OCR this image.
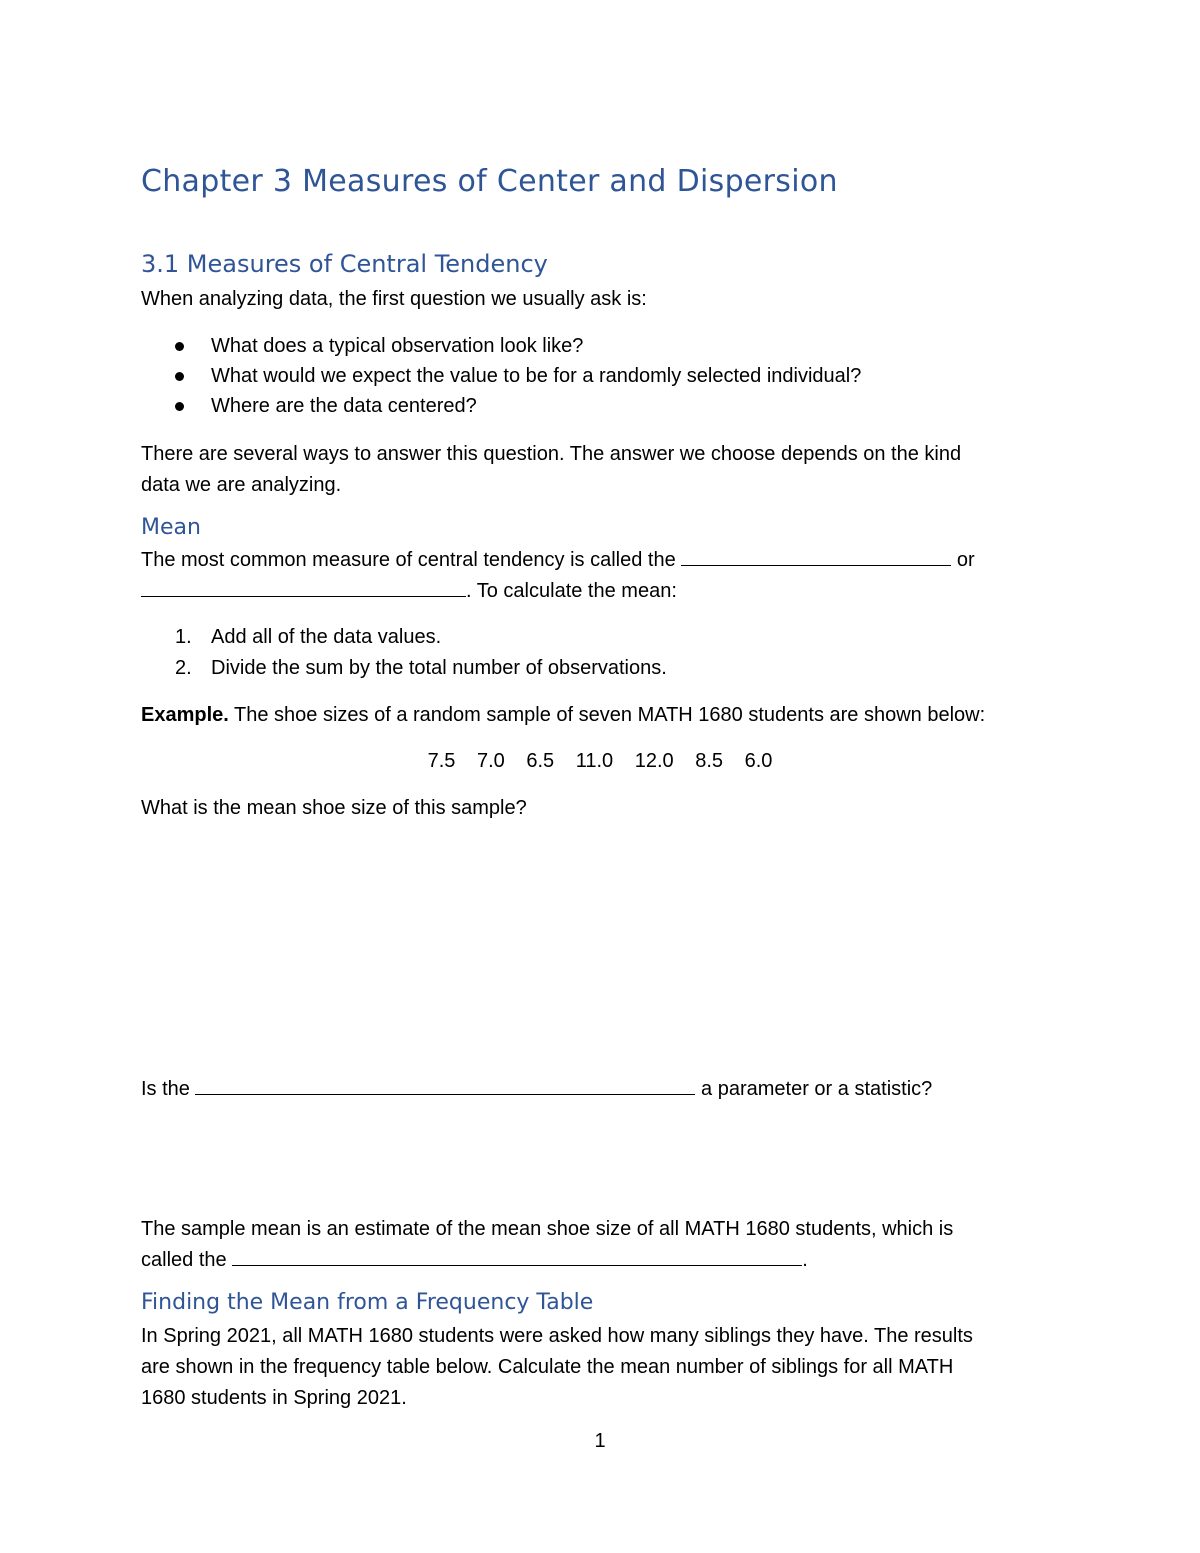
Chapter 3 Measures of Center and Dispersion
3.1 Measures of Central Tendency
When analyzing data, the first question we usually ask is:
What does a typical observation look like?
What would we expect the value to be for a randomly selected individual?
Where are the data centered?
There are several ways to answer this question. The answer we choose depends on the kind
data we are analyzing.
Mean
The most common measure of central tendency is called the	or
. To calculate the mean:
1. Add all of the data values.
2. Divide the sum by the total number of observations.
Example. The shoe sizes of a random sample of seven MATH 1680 students are shown below:
7.5 7.0 6.5 11.0 12.0 8.5 6.0
What is the mean shoe size of this sample?
Is the	a parameter or a statistic?
The sample mean is an estimate of the mean shoe size of all MATH 1680 students, which is
called the	.
Finding the Mean from a Frequency Table
In Spring 2021, all MATH 1680 students were asked how many siblings they have. The results
are shown in the frequency table below. Calculate the mean number of siblings for all MATH
1680 students in Spring 2021.
1
